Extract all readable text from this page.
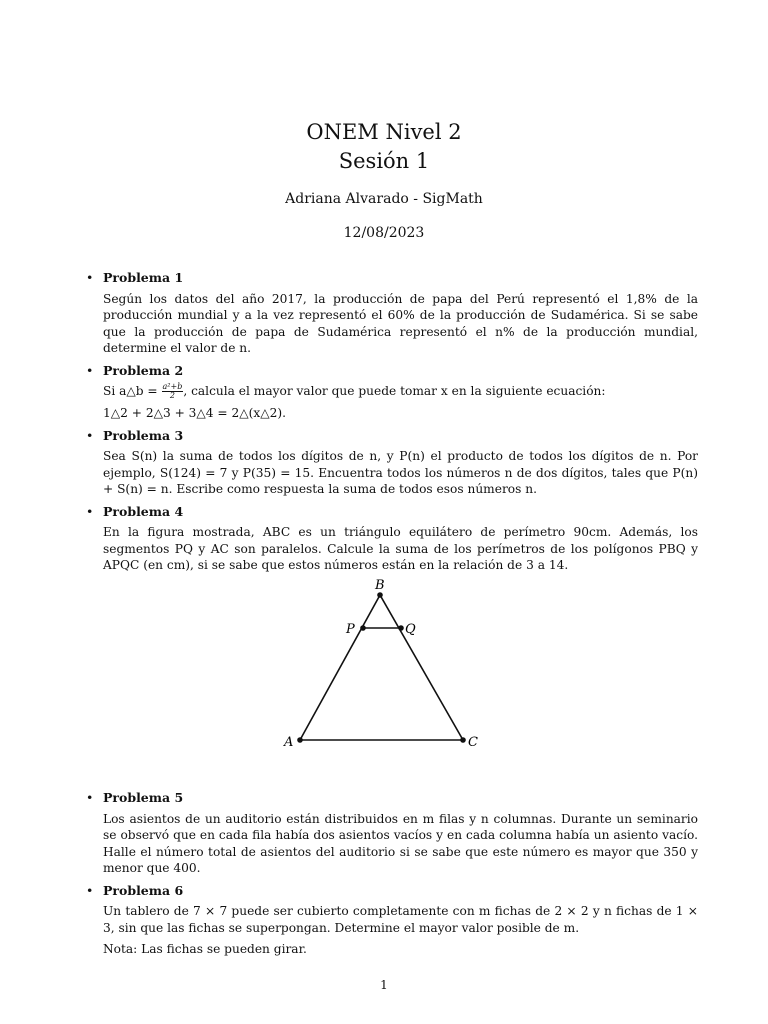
ONEM Nivel 2
Sesión 1
Adriana Alvarado - SigMath
12/08/2023
• Problema 1

Según los datos del año 2017, la producción de papa del Perú representó el 1,8% de la producción mundial y a la vez representó el 60% de la producción de Sudamérica. Si se sabe que la producción de papa de Sudamérica representó el n% de la producción mundial, determine el valor de n.

• Problema 2

Si a△b = $\frac{\text{a²+b}}{2}$ , calcula el mayor valor que puede tomar x en la siguiente ecuación:

1△2 + 2△3 + 3△4 = 2△(x△2).

• Problema 3

Sea S(n) la suma de todos los dígitos de n, y P(n) el producto de todos los dígitos de n. Por ejemplo, S(124) = 7 y P(35) = 15. Encuentra todos los números n de dos dígitos, tales que P(n) + S(n) = n. Escribe como respuesta la suma de todos esos números n.

• Problema 4

En la figura mostrada, ABC es un triángulo equilátero de perímetro 90cm. Además, los segmentos PQ y AC son paralelos. Calcule la suma de los perímetros de los polígonos PBQ y APQC (en cm), si se sabe que estos números están en la relación de 3 a 14.

A
B
C
P	Q
• Problema 5

Los asientos de un auditorio están distribuidos en m filas y n columnas. Durante un seminario se observó que en cada fila había dos asientos vacíos y en cada columna había un asiento vacío. Halle el número total de asientos del auditorio si se sabe que este número es mayor que 350 y menor que 400.

• Problema 6

Un tablero de 7 × 7 puede ser cubierto completamente con m fichas de 2 × 2 y n fichas de 1 × 3, sin que las fichas se superpongan. Determine el mayor valor posible de m.

Nota: Las fichas se pueden girar.

1
